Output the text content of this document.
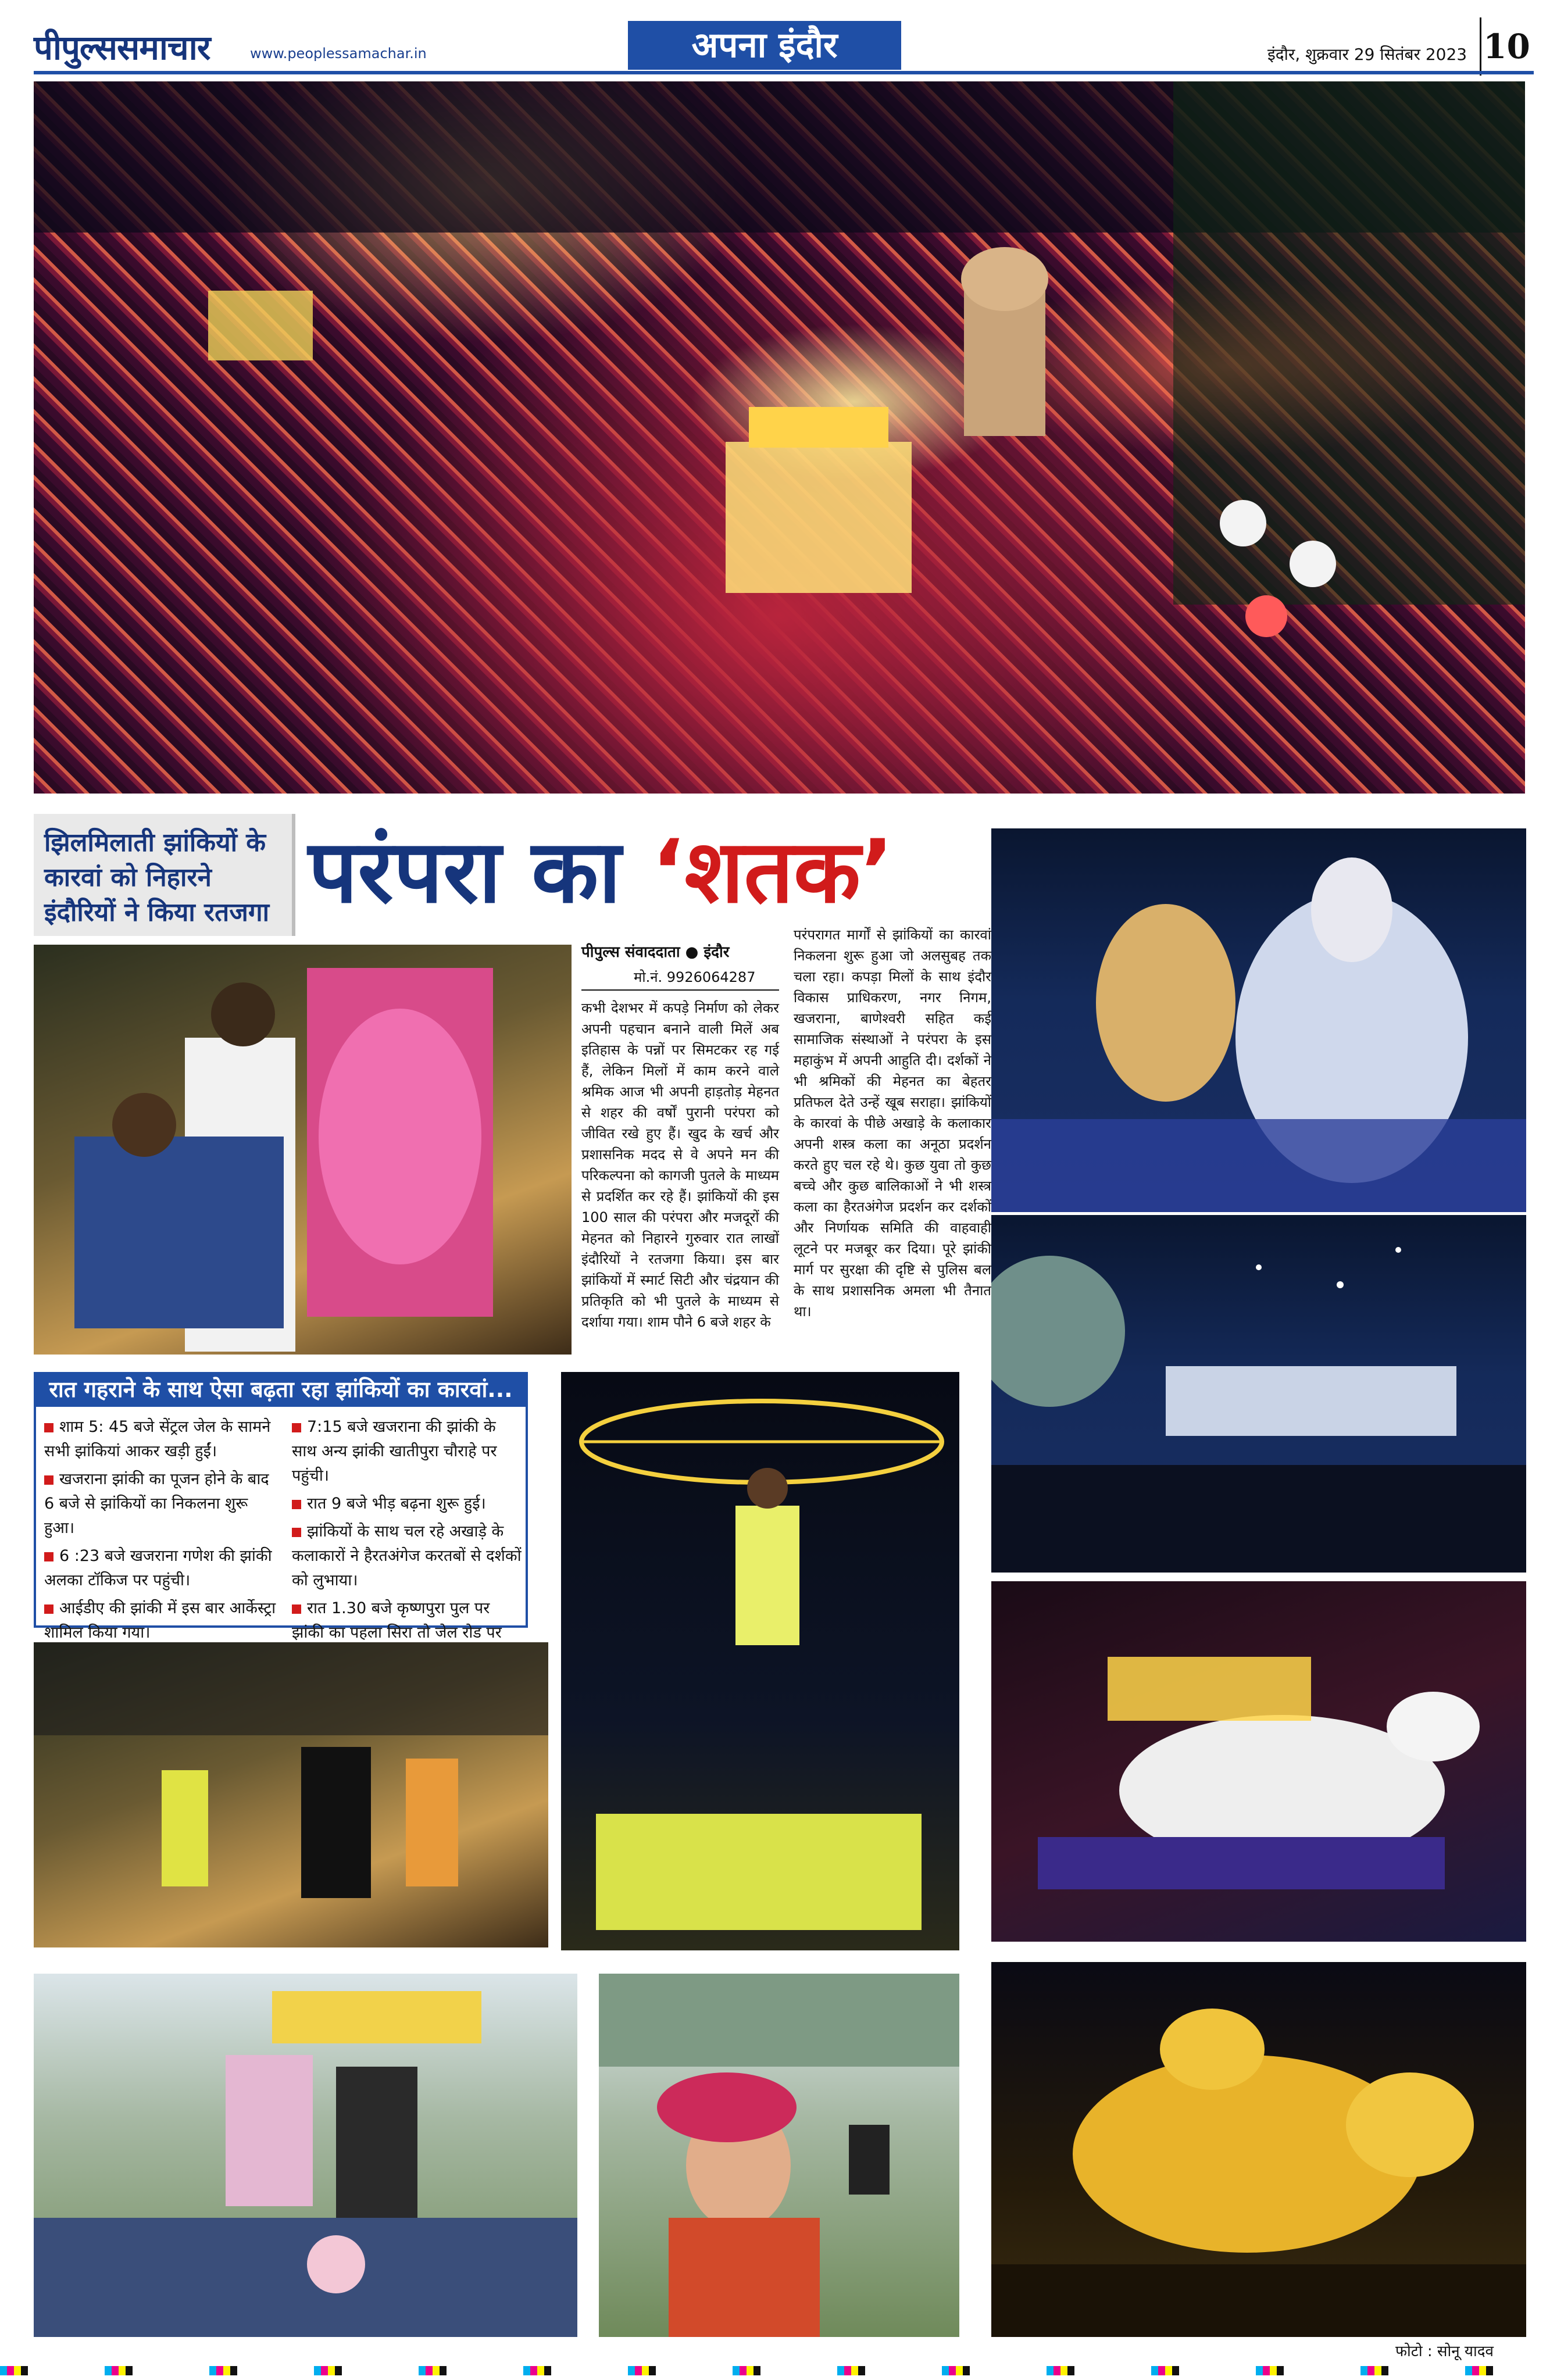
पीपुल्ससमाचार	www.peoplessamachar.in	अपना इंदौर	इंदौर, शुक्रवार 29 सितंबर 2023 10
झिलमिलाती झांकियों के कारवां को निहारने इंदौरियों ने किया रतजगा परंपरा का ‘शतक’
पीपुल्स संवाददाता ● इंदौर
मो.नं. 9926064287
कभी देशभर में कपड़े निर्माण को लेकर अपनी पहचान बनाने वाली मिलें अब इतिहास के पन्नों पर सिमटकर रह गई हैं, लेकिन मिलों में काम करने वाले श्रमिक आज भी अपनी हाड़तोड़ मेहनत से शहर की वर्षों पुरानी परंपरा को जीवित रखे हुए हैं। खुद के खर्च और प्रशासनिक मदद से वे अपने मन की परिकल्पना को कागजी पुतले के माध्यम से प्रदर्शित कर रहे हैं। झांकियों की इस 100 साल की परंपरा और मजदूरों की मेहनत को निहारने गुरुवार रात लाखों इंदौरियों ने रतजगा किया। इस बार झांकियों में स्मार्ट सिटी और चंद्रयान की प्रतिकृति को भी पुतले के माध्यम से दर्शाया गया। शाम पौने 6 बजे शहर के
परंपरागत मार्गों से झांकियों का कारवां निकलना शुरू हुआ जो अलसुबह तक चला रहा। कपड़ा मिलों के साथ इंदौर विकास प्राधिकरण, नगर निगम, खजराना, बाणेश्वरी सहित कई सामाजिक संस्थाओं ने परंपरा के इस महाकुंभ में अपनी आहुति दी। दर्शकों ने भी श्रमिकों की मेहनत का बेहतर प्रतिफल देते उन्हें खूब सराहा। झांकियों के कारवां के पीछे अखाड़े के कलाकार अपनी शस्त्र कला का अनूठा प्रदर्शन करते हुए चल रहे थे। कुछ युवा तो कुछ बच्चे और कुछ बालिकाओं ने भी शस्त्र कला का हैरतअंगेज प्रदर्शन कर दर्शकों और निर्णायक समिति की वाहवाही लूटने पर मजबूर कर दिया। पूरे झांकी मार्ग पर सुरक्षा की दृष्टि से पुलिस बल के साथ प्रशासनिक अमला भी तैनात था।
रात गहराने के साथ ऐसा बढ़ता रहा झांकियों का कारवां...
शाम 5: 45 बजे सेंट्रल जेल के सामने सभी झांकियां आकर खड़ी हुईं।
खजराना झांकी का पूजन होने के बाद 6 बजे से झांकियों का निकलना शुरू हुआ।
6 :23 बजे खजराना गणेश की झांकी अलका टॉकिज पर पहुंची।
आईडीए की झांकी में इस बार आर्केस्ट्रा शामिल किया गया।
7:15 बजे खजराना की झांकी के साथ अन्य झांकी खातीपुरा चौराहे पर पहुंची।
रात 9 बजे भीड़ बढ़ना शुरू हुई।
झांकियों के साथ चल रहे अखाड़े के कलाकारों ने हैरतअंगेज करतबों से दर्शकों को लुभाया।
रात 1.30 बजे कृष्णपुरा पुल पर झांकी का पहला सिरा तो जेल रोड पर
फोटो : सोनू यादव
